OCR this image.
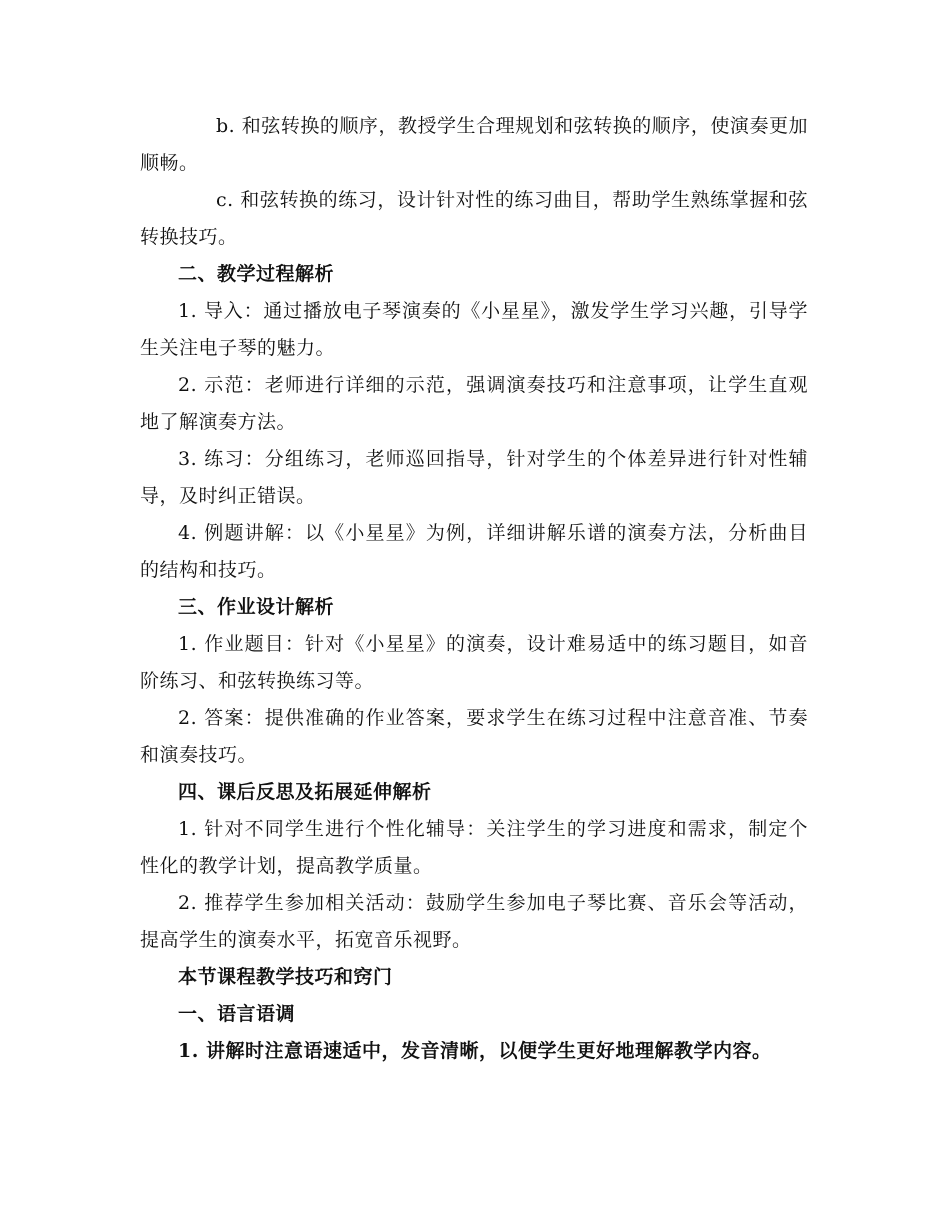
b. 和弦转换的顺序，教授学生合理规划和弦转换的顺序，使演奏更加顺畅。

c. 和弦转换的练习，设计针对性的练习曲目，帮助学生熟练掌握和弦转换技巧。

二、教学过程解析

1. 导入：通过播放电子琴演奏的《小星星》，激发学生学习兴趣，引导学生关注电子琴的魅力。

2. 示范：老师进行详细的示范，强调演奏技巧和注意事项，让学生直观地了解演奏方法。

3. 练习：分组练习，老师巡回指导，针对学生的个体差异进行针对性辅导，及时纠正错误。

4. 例题讲解：以《小星星》为例，详细讲解乐谱的演奏方法，分析曲目的结构和技巧。

三、作业设计解析

1. 作业题目：针对《小星星》的演奏，设计难易适中的练习题目，如音阶练习、和弦转换练习等。

2. 答案：提供准确的作业答案，要求学生在练习过程中注意音准、节奏和演奏技巧。

四、课后反思及拓展延伸解析

1. 针对不同学生进行个性化辅导：关注学生的学习进度和需求，制定个性化的教学计划，提高教学质量。

2. 推荐学生参加相关活动：鼓励学生参加电子琴比赛、音乐会等活动，提高学生的演奏水平，拓宽音乐视野。

本节课程教学技巧和窍门

一、语言语调

1. 讲解时注意语速适中，发音清晰，以便学生更好地理解教学内容。
